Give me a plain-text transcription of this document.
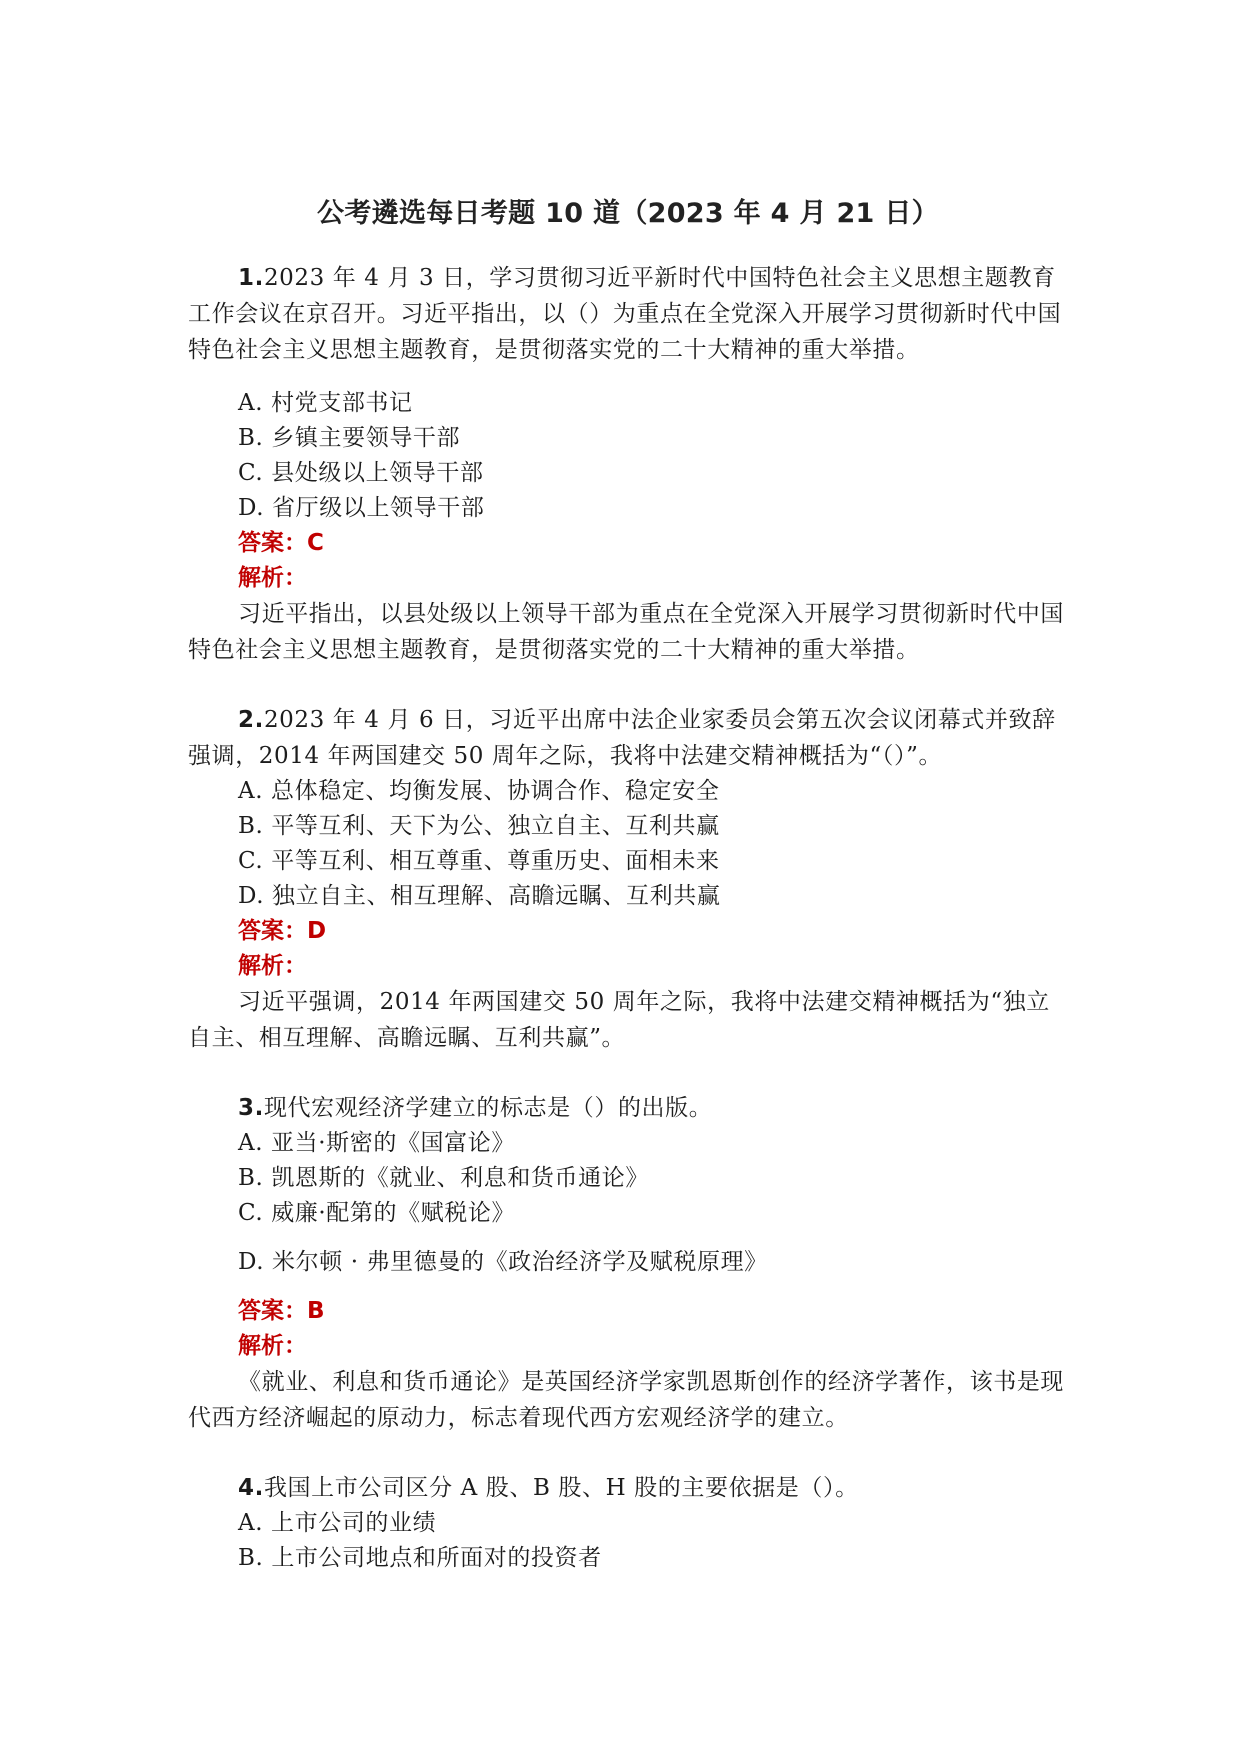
公考遴选每日考题 10 道（2023 年 4 月 21 日）

1.2023 年 4 月 3 日，学习贯彻习近平新时代中国特色社会主义思想主题教育工作会议在京召开。习近平指出，以（）为重点在全党深入开展学习贯彻新时代中国特色社会主义思想主题教育，是贯彻落实党的二十大精神的重大举措。

A. 村党支部书记

B. 乡镇主要领导干部

C. 县处级以上领导干部

D. 省厅级以上领导干部

答案：C

解析：

习近平指出，以县处级以上领导干部为重点在全党深入开展学习贯彻新时代中国特色社会主义思想主题教育，是贯彻落实党的二十大精神的重大举措。

2.2023 年 4 月 6 日，习近平出席中法企业家委员会第五次会议闭幕式并致辞强调，2014 年两国建交 50 周年之际，我将中法建交精神概括为“（）”。

A. 总体稳定、均衡发展、协调合作、稳定安全

B. 平等互利、天下为公、独立自主、互利共赢

C. 平等互利、相互尊重、尊重历史、面相未来

D. 独立自主、相互理解、高瞻远瞩、互利共赢

答案：D

解析：

习近平强调，2014 年两国建交 50 周年之际，我将中法建交精神概括为“独立自主、相互理解、高瞻远瞩、互利共赢”。

3.现代宏观经济学建立的标志是（）的出版。

A. 亚当·斯密的《国富论》

B. 凯恩斯的《就业、利息和货币通论》

C. 威廉·配第的《赋税论》

D. 米尔顿 · 弗里德曼的《政治经济学及赋税原理》

答案：B

解析：

《就业、利息和货币通论》是英国经济学家凯恩斯创作的经济学著作，该书是现代西方经济崛起的原动力，标志着现代西方宏观经济学的建立。

4.我国上市公司区分 A 股、B 股、H 股的主要依据是（）。

A. 上市公司的业绩

B. 上市公司地点和所面对的投资者
